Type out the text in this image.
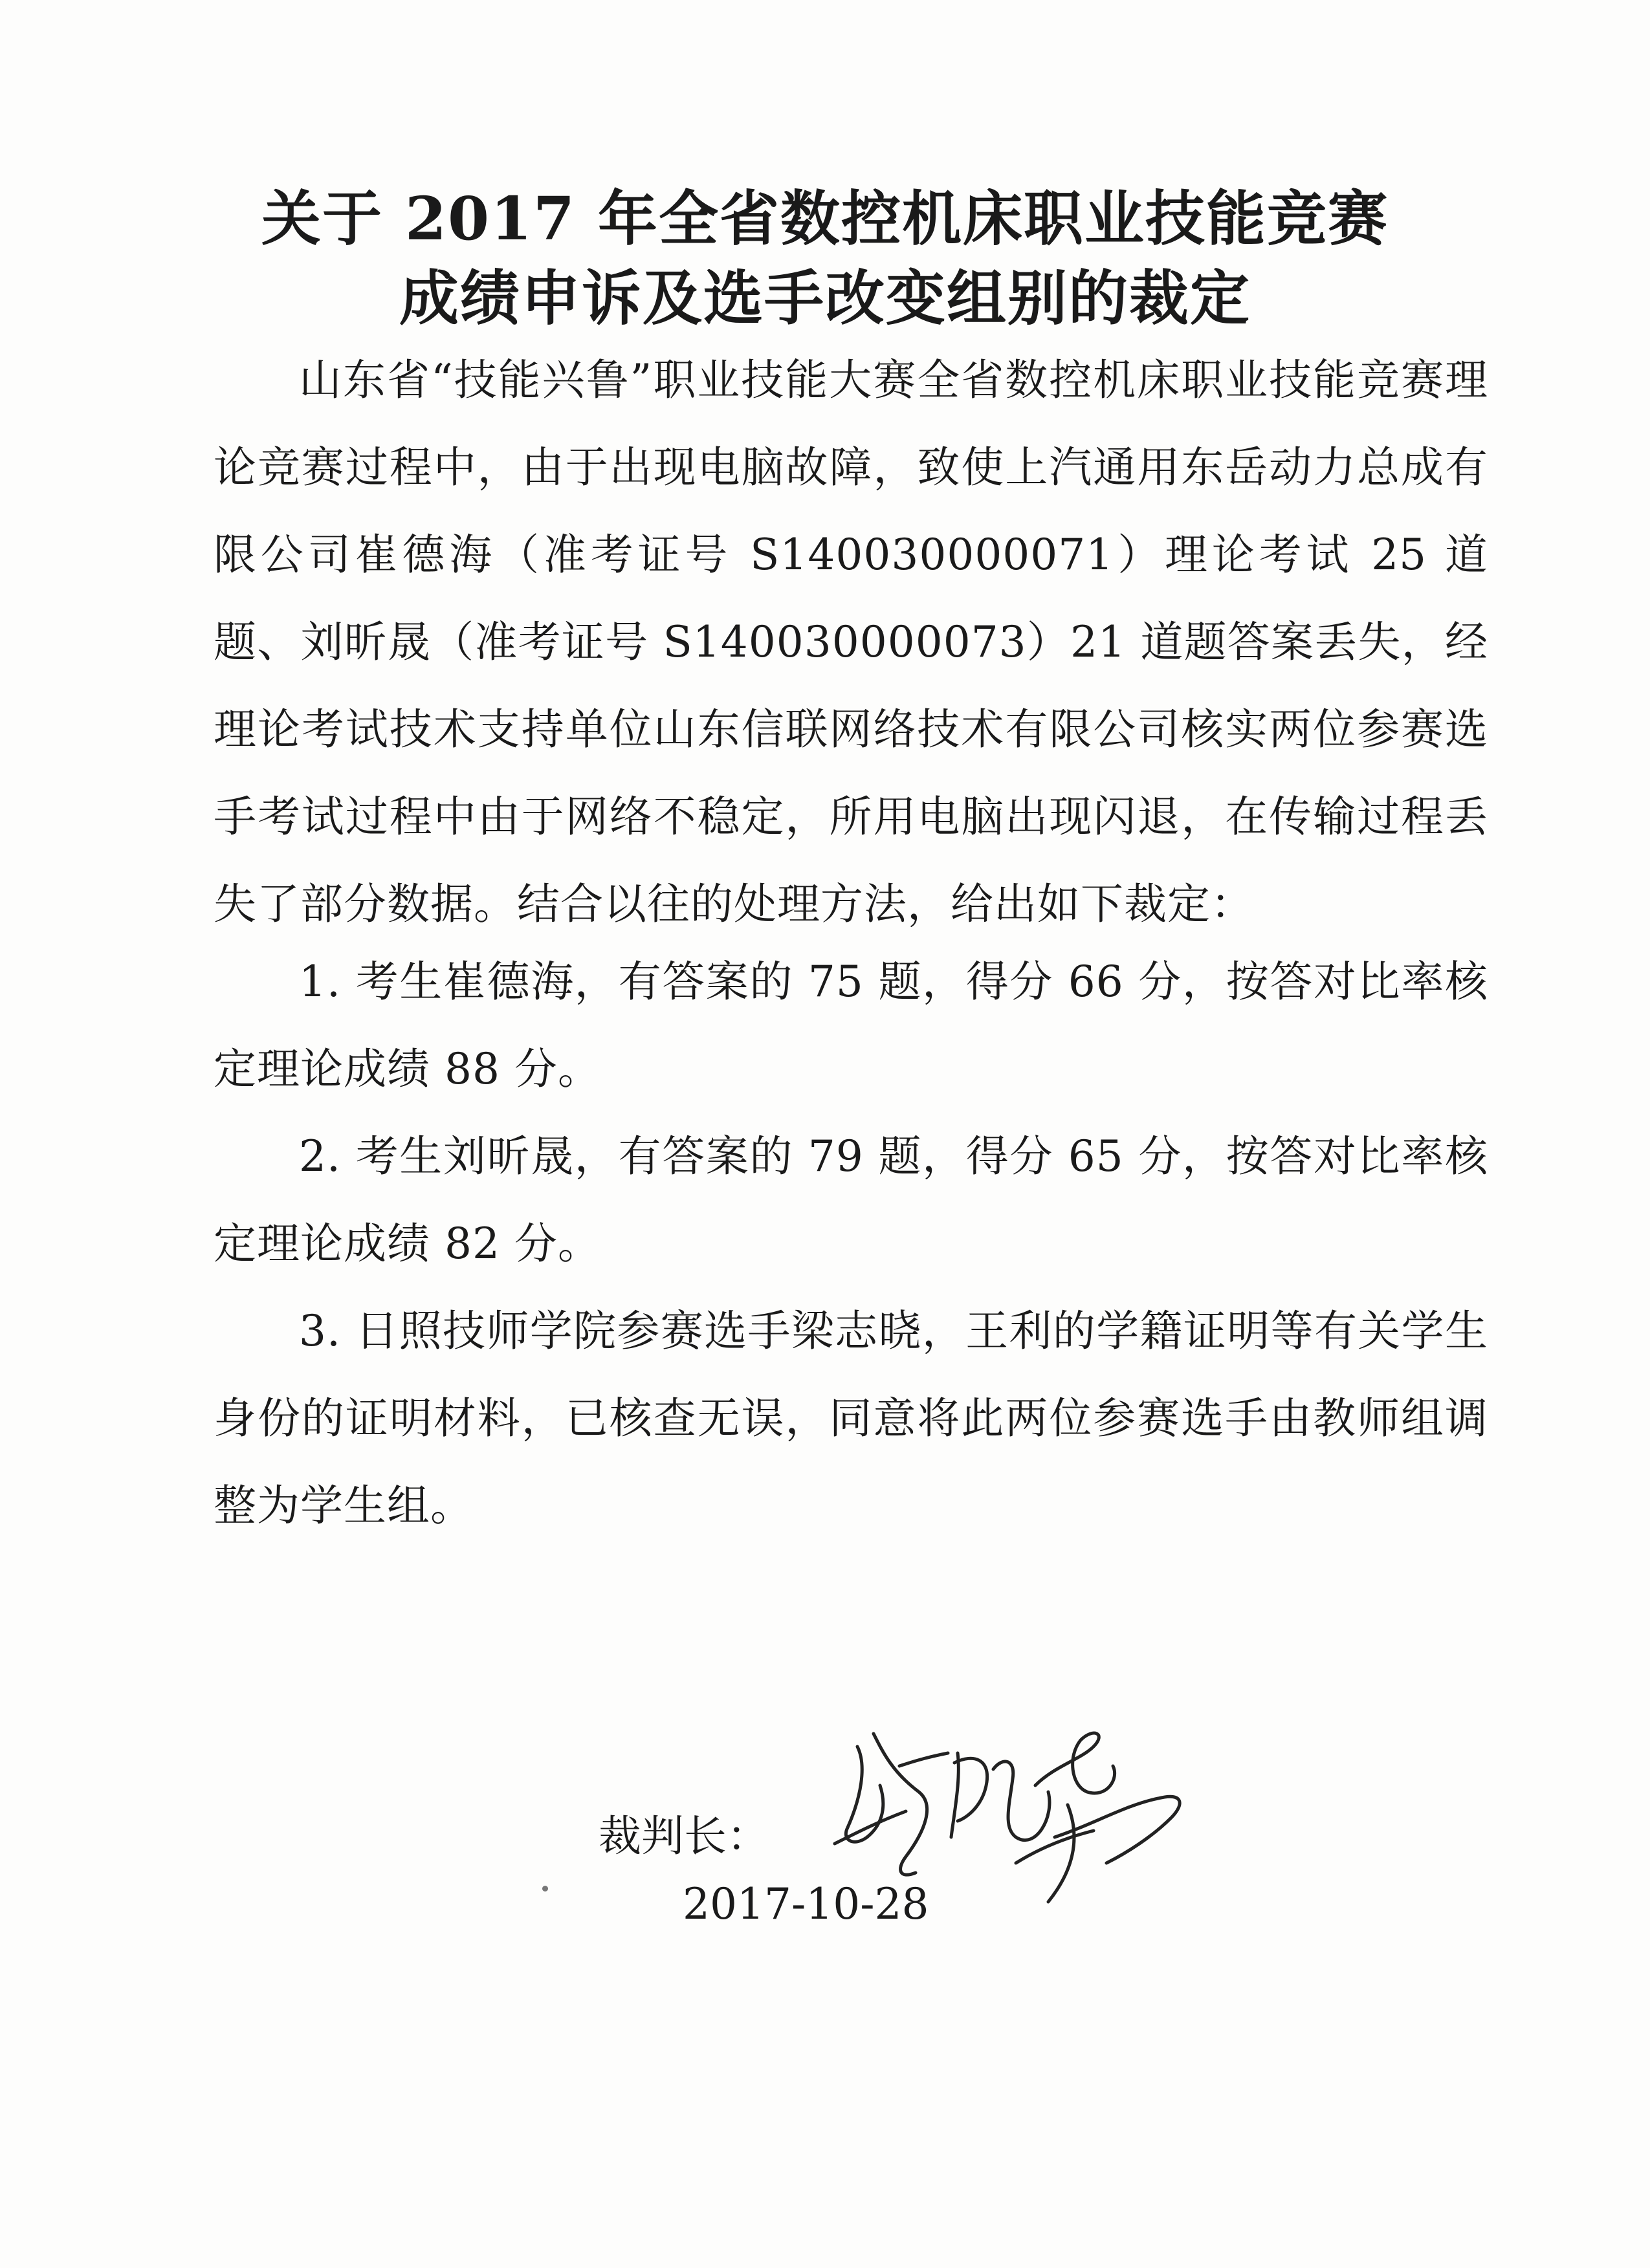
关于 2017 年全省数控机床职业技能竞赛
成绩申诉及选手改变组别的裁定

山东省“技能兴鲁”职业技能大赛全省数控机床职业技能竞赛理论竞赛过程中，由于出现电脑故障，致使上汽通用东岳动力总成有限公司崔德海（准考证号 S140030000071）理论考试 25 道题、刘昕晟（准考证号 S140030000073）21 道题答案丢失，经理论考试技术支持单位山东信联网络技术有限公司核实两位参赛选手考试过程中由于网络不稳定，所用电脑出现闪退，在传输过程丢失了部分数据。结合以往的处理方法，给出如下裁定：

1. 考生崔德海，有答案的 75 题，得分 66 分，按答对比率核定理论成绩 88 分。

2. 考生刘昕晟，有答案的 79 题，得分 65 分，按答对比率核定理论成绩 82 分。

3. 日照技师学院参赛选手梁志晓，王利的学籍证明等有关学生身份的证明材料，已核查无误，同意将此两位参赛选手由教师组调整为学生组。

裁判长：
2017-10-28
